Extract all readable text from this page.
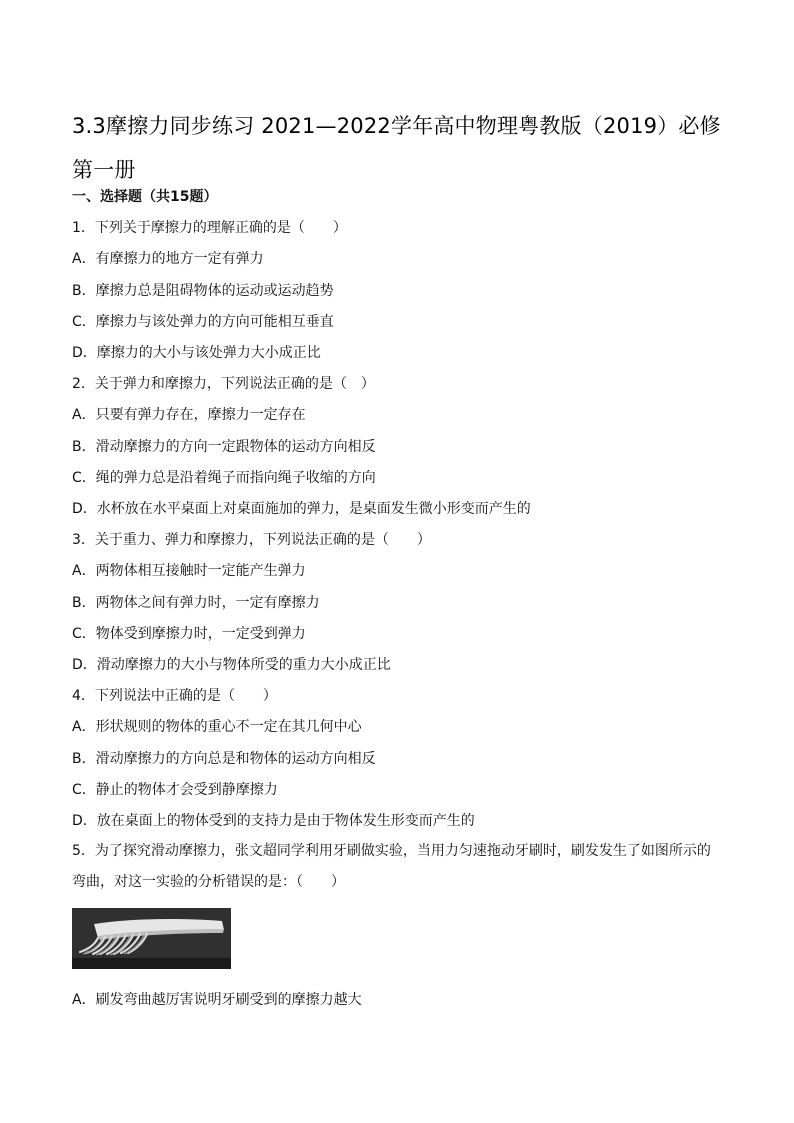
3.3摩擦力同步练习 2021—2022学年高中物理粤教版（2019）必修第一册
一、选择题（共15题）
1．下列关于摩擦力的理解正确的是（　　）
A．有摩擦力的地方一定有弹力
B．摩擦力总是阻碍物体的运动或运动趋势
C．摩擦力与该处弹力的方向可能相互垂直
D．摩擦力的大小与该处弹力大小成正比
2．关于弹力和摩擦力，下列说法正确的是（　）
A．只要有弹力存在，摩擦力一定存在
B．滑动摩擦力的方向一定跟物体的运动方向相反
C．绳的弹力总是沿着绳子而指向绳子收缩的方向
D．水杯放在水平桌面上对桌面施加的弹力，是桌面发生微小形变而产生的
3．关于重力、弹力和摩擦力，下列说法正确的是（　　）
A．两物体相互接触时一定能产生弹力
B．两物体之间有弹力时，一定有摩擦力
C．物体受到摩擦力时，一定受到弹力
D．滑动摩擦力的大小与物体所受的重力大小成正比
4．下列说法中正确的是（　　）
A．形状规则的物体的重心不一定在其几何中心
B．滑动摩擦力的方向总是和物体的运动方向相反
C．静止的物体才会受到静摩擦力
D．放在桌面上的物体受到的支持力是由于物体发生形变而产生的
5．为了探究滑动摩擦力，张文超同学利用牙刷做实验，当用力匀速拖动牙刷时，刷发发生了如图所示的弯曲，对这一实验的分析错误的是：（　　）
A．刷发弯曲越厉害说明牙刷受到的摩擦力越大
